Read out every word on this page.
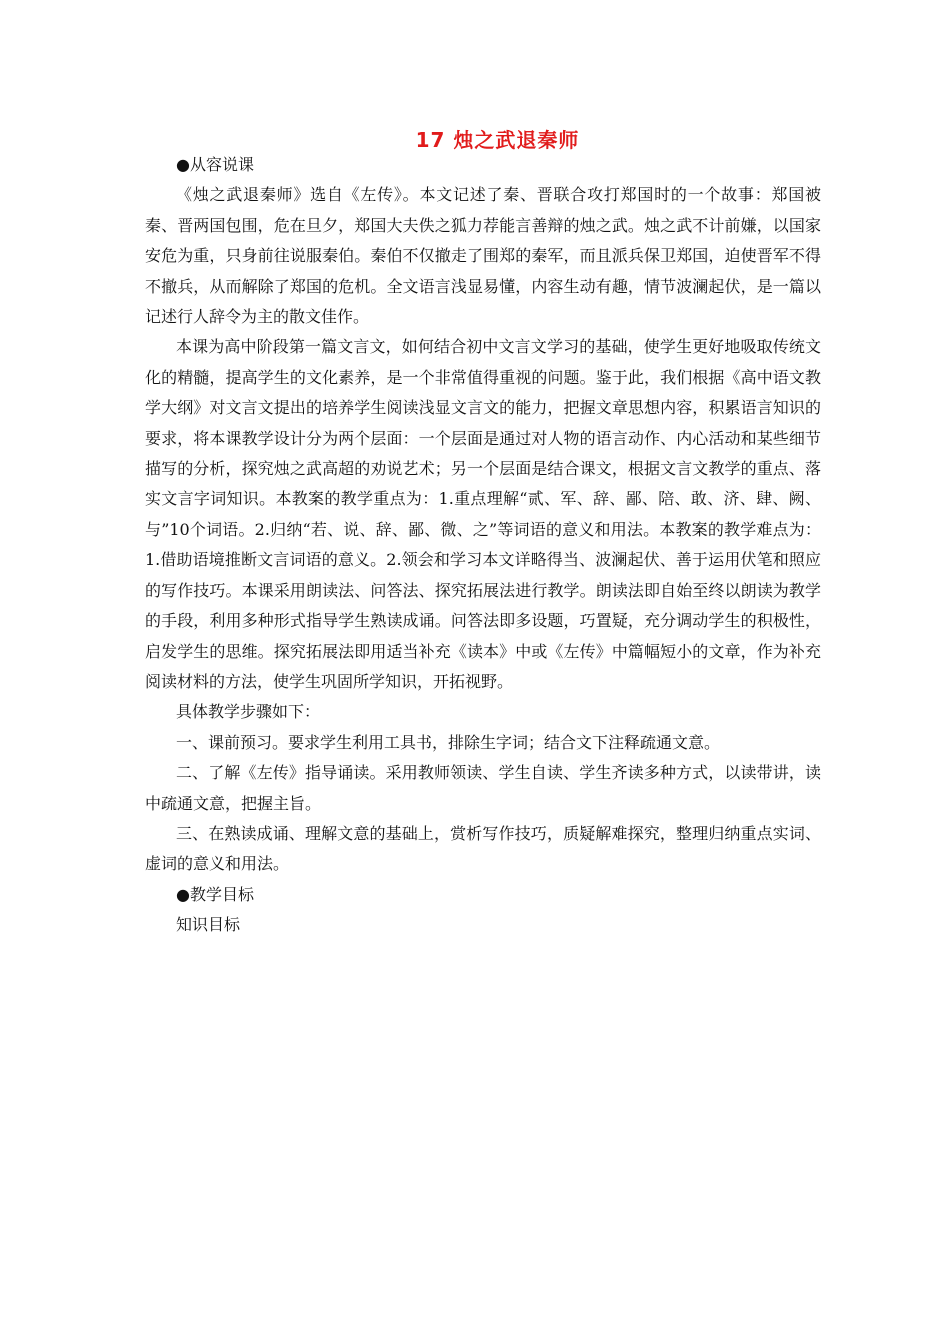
17 烛之武退秦师

●从容说课

《烛之武退秦师》选自《左传》。本文记述了秦、晋联合攻打郑国时的一个故事：郑国被秦、晋两国包围，危在旦夕，郑国大夫佚之狐力荐能言善辩的烛之武。烛之武不计前嫌，以国家安危为重，只身前往说服秦伯。秦伯不仅撤走了围郑的秦军，而且派兵保卫郑国，迫使晋军不得不撤兵，从而解除了郑国的危机。全文语言浅显易懂，内容生动有趣，情节波澜起伏，是一篇以记述行人辞令为主的散文佳作。

本课为高中阶段第一篇文言文，如何结合初中文言文学习的基础，使学生更好地吸取传统文化的精髓，提高学生的文化素养，是一个非常值得重视的问题。鉴于此，我们根据《高中语文教学大纲》对文言文提出的培养学生阅读浅显文言文的能力，把握文章思想内容，积累语言知识的要求，将本课教学设计分为两个层面：一个层面是通过对人物的语言动作、内心活动和某些细节描写的分析，探究烛之武高超的劝说艺术；另一个层面是结合课文，根据文言文教学的重点、落实文言字词知识。本教案的教学重点为：1.重点理解“贰、军、辞、鄙、陪、敢、济、肆、阙、与”10个词语。2.归纳“若、说、辞、鄙、微、之”等词语的意义和用法。本教案的教学难点为：1.借助语境推断文言词语的意义。2.领会和学习本文详略得当、波澜起伏、善于运用伏笔和照应的写作技巧。本课采用朗读法、问答法、探究拓展法进行教学。朗读法即自始至终以朗读为教学的手段，利用多种形式指导学生熟读成诵。问答法即多设题，巧置疑，充分调动学生的积极性，启发学生的思维。探究拓展法即用适当补充《读本》中或《左传》中篇幅短小的文章，作为补充阅读材料的方法，使学生巩固所学知识，开拓视野。

具体教学步骤如下：

一、课前预习。要求学生利用工具书，排除生字词；结合文下注释疏通文意。

二、了解《左传》指导诵读。采用教师领读、学生自读、学生齐读多种方式，以读带讲，读中疏通文意，把握主旨。

三、在熟读成诵、理解文意的基础上，赏析写作技巧，质疑解难探究，整理归纳重点实词、虚词的意义和用法。

●教学目标

知识目标
